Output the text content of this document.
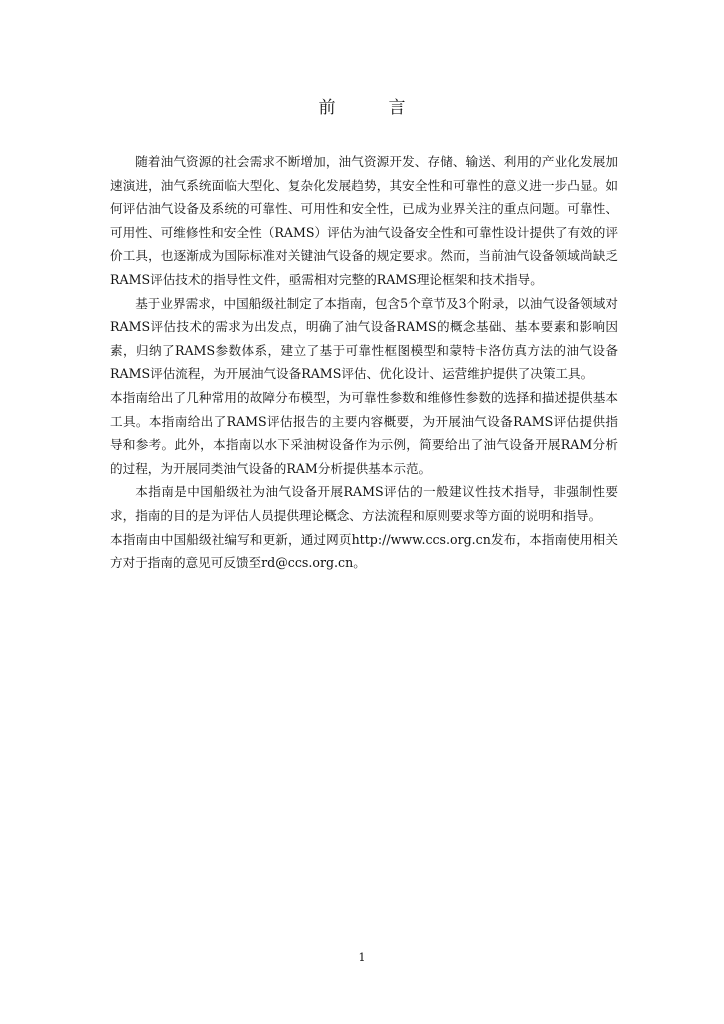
前　言

随着油气资源的社会需求不断增加，油气资源开发、存储、输送、利用的产业化发展加速演进，油气系统面临大型化、复杂化发展趋势，其安全性和可靠性的意义进一步凸显。如何评估油气设备及系统的可靠性、可用性和安全性，已成为业界关注的重点问题。可靠性、可用性、可维修性和安全性（RAMS）评估为油气设备安全性和可靠性设计提供了有效的评价工具，也逐渐成为国际标准对关键油气设备的规定要求。然而，当前油气设备领域尚缺乏RAMS评估技术的指导性文件，亟需相对完整的RAMS理论框架和技术指导。

基于业界需求，中国船级社制定了本指南，包含5个章节及3个附录，以油气设备领域对RAMS评估技术的需求为出发点，明确了油气设备RAMS的概念基础、基本要素和影响因素，归纳了RAMS参数体系，建立了基于可靠性框图模型和蒙特卡洛仿真方法的油气设备RAMS评估流程，为开展油气设备RAMS评估、优化设计、运营维护提供了决策工具。

本指南给出了几种常用的故障分布模型，为可靠性参数和维修性参数的选择和描述提供基本工具。本指南给出了RAMS评估报告的主要内容概要，为开展油气设备RAMS评估提供指导和参考。此外，本指南以水下采油树设备作为示例，简要给出了油气设备开展RAM分析的过程，为开展同类油气设备的RAM分析提供基本示范。

本指南是中国船级社为油气设备开展RAMS评估的一般建议性技术指导，非强制性要求，指南的目的是为评估人员提供理论概念、方法流程和原则要求等方面的说明和指导。

本指南由中国船级社编写和更新，通过网页http://www.ccs.org.cn发布，本指南使用相关方对于指南的意见可反馈至rd@ccs.org.cn。

1
